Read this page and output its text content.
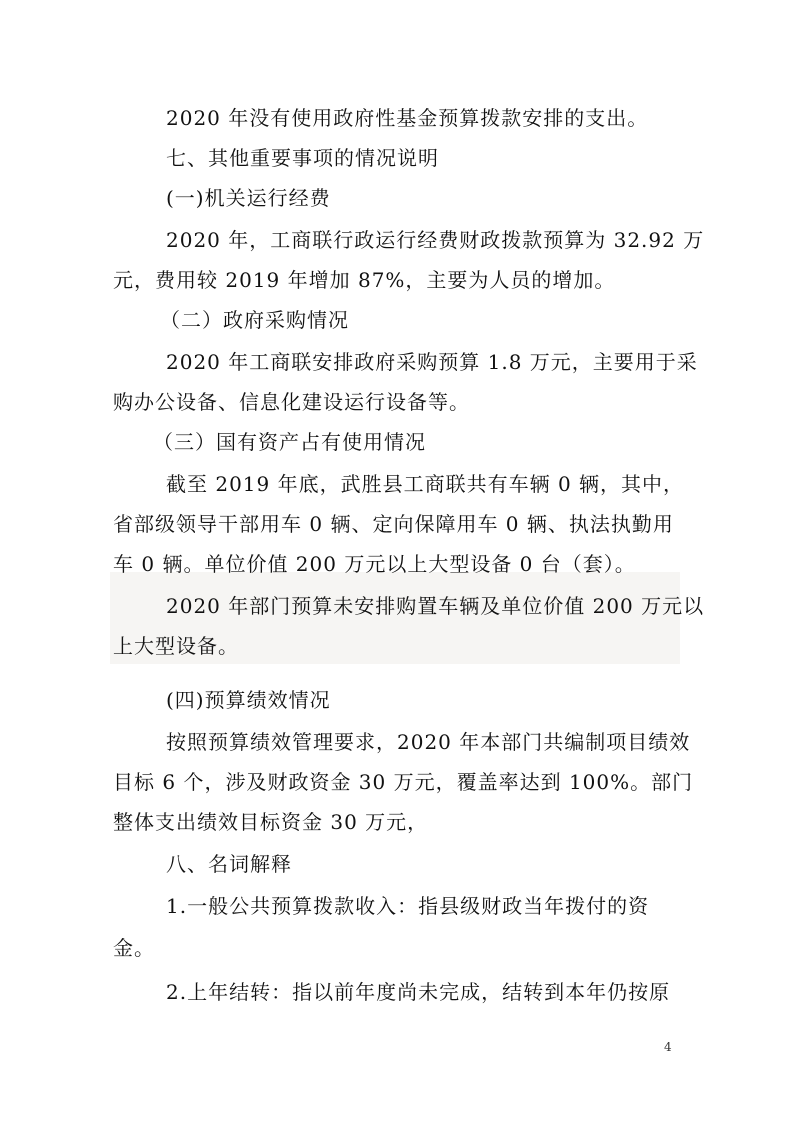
2020 年没有使用政府性基金预算拨款安排的支出。
七、其他重要事项的情况说明
(一)机关运行经费
2020 年，工商联行政运行经费财政拨款预算为 32.92 万
元，费用较 2019 年增加 87%，主要为人员的增加。
（二）政府采购情况
2020 年工商联安排政府采购预算 1.8 万元，主要用于采
购办公设备、信息化建设运行设备等。
（三）国有资产占有使用情况
截至 2019 年底，武胜县工商联共有车辆 0 辆，其中，
省部级领导干部用车 0 辆、定向保障用车 0 辆、执法执勤用
车 0 辆。单位价值 200 万元以上大型设备 0 台（套）。
2020 年部门预算未安排购置车辆及单位价值 200 万元以
上大型设备。
(四)预算绩效情况
按照预算绩效管理要求，2020 年本部门共编制项目绩效
目标 6 个，涉及财政资金 30 万元，覆盖率达到 100%。部门
整体支出绩效目标资金 30 万元，
八、名词解释
1.一般公共预算拨款收入：指县级财政当年拨付的资
金。
2.上年结转：指以前年度尚未完成，结转到本年仍按原
4
